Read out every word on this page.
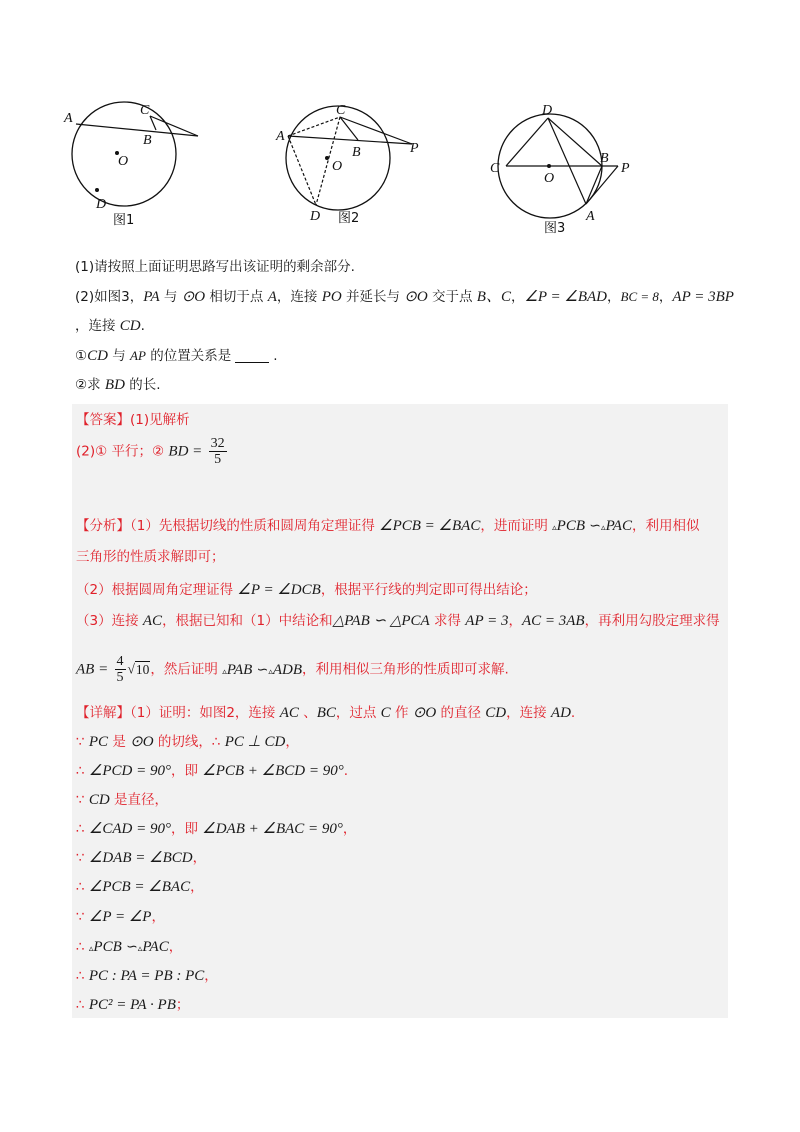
A
C
B
O
D
图1
A
C
B
O
P
D 图2
D
C
O
B
P
A
图3
(1)请按照上面证明思路写出该证明的剩余部分.
(2)如图3，PA 与 ⊙O 相切于点 A，连接 PO 并延长与 ⊙O 交于点 B、C，∠P = ∠BAD，BC = 8，AP = 3BP
，连接 CD.
①CD 与 AP 的位置关系是	.
②求 BD 的长.
【答案】(1)见解析
(2)① 平行；② BD = $\frac{32}{5}$
【分析】（1）先根据切线的性质和圆周角定理证得 ∠PCB = ∠BAC，进而证明 ▵PCB ∽▵PAC，利用相似
三角形的性质求解即可；
（2）根据圆周角定理证得 ∠P = ∠DCB，根据平行线的判定即可得出结论；
（3）连接 AC，根据已知和（1）中结论和△PAB ∽ △PCA 求得 AP = 3，AC = 3AB，再利用勾股定理求得
AB = $\frac{4}{5} √10$，然后证明 ▵PAB ∽▵ADB，利用相似三角形的性质即可求解.
【详解】（1）证明：如图2，连接 AC 、BC，过点 C 作 ⊙O 的直径 CD，连接 AD.
∵ PC 是 ⊙O 的切线，∴ PC ⊥ CD，
∴ ∠PCD = 90°，即 ∠PCB + ∠BCD = 90°.
∵ CD 是直径，
∴ ∠CAD = 90°，即 ∠DAB + ∠BAC = 90°，
∵ ∠DAB = ∠BCD，
∴ ∠PCB = ∠BAC，
∵ ∠P = ∠P，
∴ ▵PCB ∽▵PAC，
∴ PC : PA = PB : PC，
∴ PC² = PA · PB；
